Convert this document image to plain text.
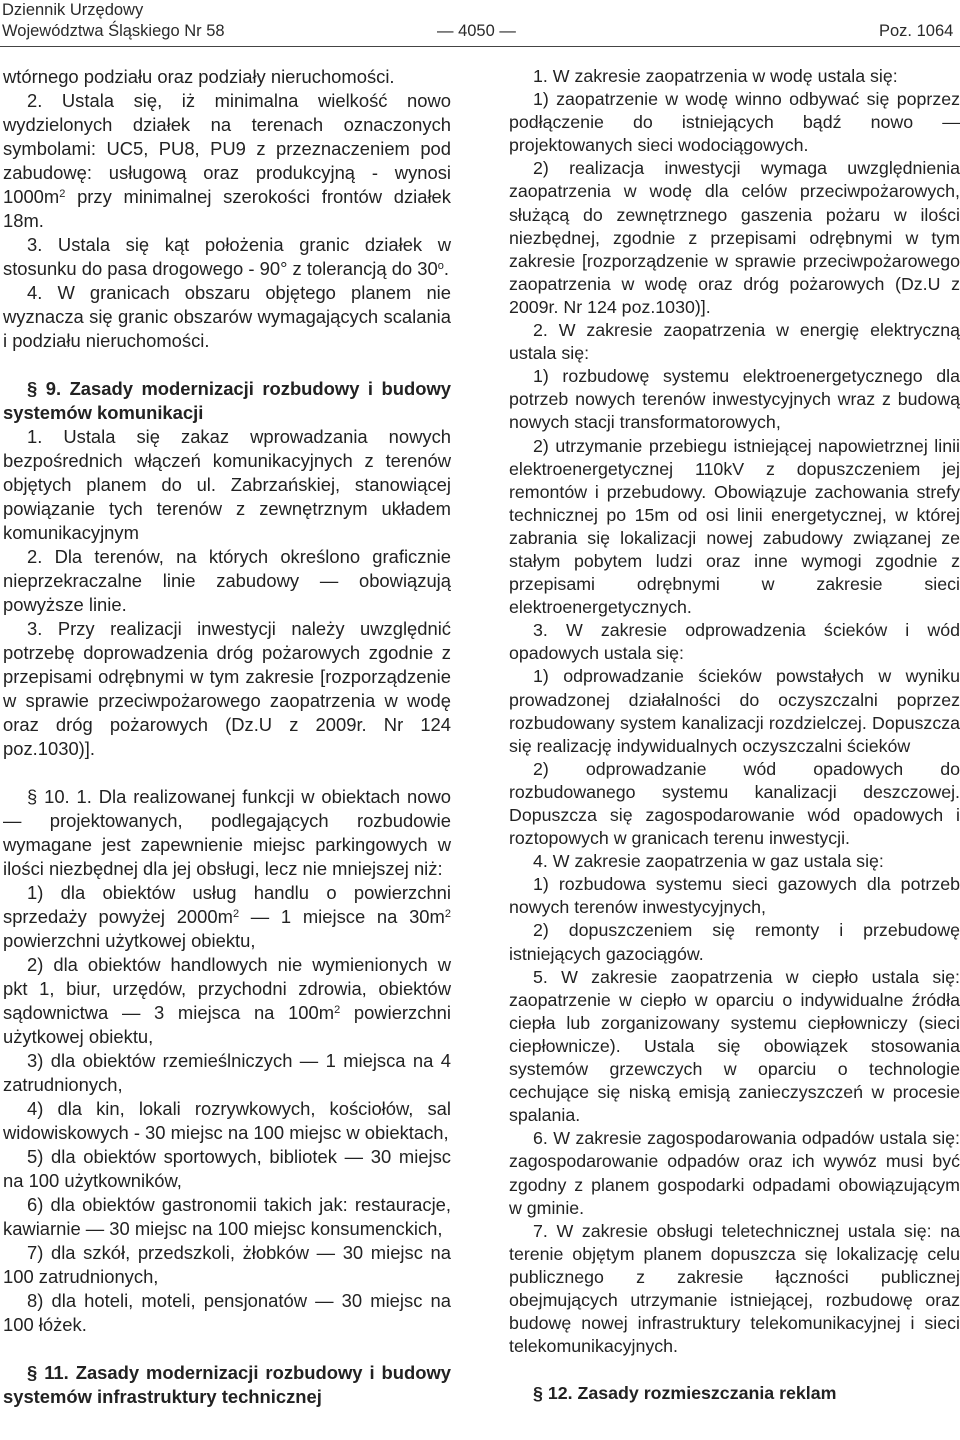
Dziennik Urzędowy
Województwa Śląskiego Nr 58	— 4050 —	Poz. 1064

wtórnego podziału oraz podziały nieruchomości.

2. Ustala się, iż minimalna wielkość nowo wydzielonych działek na terenach oznaczonych symbolami: UC5, PU8, PU9 z przeznaczeniem pod zabudowę: usługową oraz produkcyjną - wynosi $1000m^2$ przy minimalnej szerokości frontów działek 18m.

3. Ustala się kąt położenia granic działek w stosunku do pasa drogowego - 90° z tolerancją do 30$^o$.

4. W granicach obszaru objętego planem nie wyznacza się granic obszarów wymagających scalania i podziału nieruchomości.

§ 9. Zasady modernizacji rozbudowy i budowy systemów komunikacji

1. Ustala się zakaz wprowadzania nowych bezpośrednich włączeń komunikacyjnych z terenów objętych planem do ul. Zabrzańskiej, stanowiącej powiązanie tych terenów z zewnętrznym układem komunikacyjnym

2. Dla terenów, na których określono graficznie nieprzekraczalne linie zabudowy — obowiązują powyższe linie.

3. Przy realizacji inwestycji należy uwzględnić potrzebę doprowadzenia dróg pożarowych zgodnie z przepisami odrębnymi w tym zakresie [rozporządzenie w sprawie przeciwpożarowego zaopatrzenia w wodę oraz dróg pożarowych (Dz.U z 2009r. Nr 124 poz.1030)].

§ 10. 1. Dla realizowanej funkcji w obiektach nowo — projektowanych, podlegających rozbudowie wymagane jest zapewnienie miejsc parkingowych w ilości niezbędnej dla jej obsługi, lecz nie mniejszej niż:

1) dla obiektów usług handlu o powierzchni sprzedaży powyżej $2000m^2$ — 1 miejsce na $30m^2$ powierzchni użytkowej obiektu,

2) dla obiektów handlowych nie wymienionych w pkt 1, biur, urzędów, przychodni zdrowia, obiektów sądownictwa — 3 miejsca na $100m^2$ powierzchni użytkowej obiektu,

3) dla obiektów rzemieślniczych — 1 miejsca na 4 zatrudnionych,

4) dla kin, lokali rozrywkowych, kościołów, sal widowiskowych - 30 miejsc na 100 miejsc w obiektach,

5) dla obiektów sportowych, bibliotek — 30 miejsc na 100 użytkowników,

6) dla obiektów gastronomii takich jak: restauracje, kawiarnie — 30 miejsc na 100 miejsc konsumenckich,

7) dla szkół, przedszkoli, żłobków — 30 miejsc na 100 zatrudnionych,

8) dla hoteli, moteli, pensjonatów — 30 miejsc na 100 łóżek.

§ 11. Zasady modernizacji rozbudowy i budowy systemów infrastruktury technicznej

1. W zakresie zaopatrzenia w wodę ustala się:

1) zaopatrzenie w wodę winno odbywać się poprzez podłączenie do istniejących bądź nowo — projektowanych sieci wodociągowych.

2) realizacja inwestycji wymaga uwzględnienia zaopatrzenia w wodę dla celów przeciwpożarowych, służącą do zewnętrznego gaszenia pożaru w ilości niezbędnej, zgodnie z przepisami odrębnymi w tym zakresie [rozporządzenie w sprawie przeciwpożarowego zaopatrzenia w wodę oraz dróg pożarowych (Dz.U z 2009r. Nr 124 poz.1030)].

2. W zakresie zaopatrzenia w energię elektryczną ustala się:

1) rozbudowę systemu elektroenergetycznego dla potrzeb nowych terenów inwestycyjnych wraz z budową nowych stacji transformatorowych,

2) utrzymanie przebiegu istniejącej napowietrznej linii elektroenergetycznej 110kV z dopuszczeniem jej remontów i przebudowy. Obowiązuje zachowania strefy technicznej po 15m od osi linii energetycznej, w której zabrania się lokalizacji nowej zabudowy związanej ze stałym pobytem ludzi oraz inne wymogi zgodnie z przepisami odrębnymi w zakresie sieci elektroenergetycznych.

3. W zakresie odprowadzenia ścieków i wód opadowych ustala się:

1) odprowadzanie ścieków powstałych w wyniku prowadzonej działalności do oczyszczalni poprzez rozbudowany system kanalizacji rozdzielczej. Dopuszcza się realizację indywidualnych oczyszczalni ścieków

2) odprowadzanie wód opadowych do rozbudowanego systemu kanalizacji deszczowej. Dopuszcza się zagospodarowanie wód opadowych i roztopowych w granicach terenu inwestycji.

4. W zakresie zaopatrzenia w gaz ustala się:

1) rozbudowa systemu sieci gazowych dla potrzeb nowych terenów inwestycyjnych,

2) dopuszczeniem się remonty i przebudowę istniejących gazociągów.

5. W zakresie zaopatrzenia w ciepło ustala się: zaopatrzenie w ciepło w oparciu o indywidualne źródła ciepła lub zorganizowany systemu ciepłowniczy (sieci ciepłownicze). Ustala się obowiązek stosowania systemów grzewczych w oparciu o technologie cechujące się niską emisją zanieczyszczeń w procesie spalania.

6. W zakresie zagospodarowania odpadów ustala się: zagospodarowanie odpadów oraz ich wywóz musi być zgodny z planem gospodarki odpadami obowiązującym w gminie.

7. W zakresie obsługi teletechnicznej ustala się: na terenie objętym planem dopuszcza się lokalizację celu publicznego z zakresie łączności publicznej obejmujących utrzymanie istniejącej, rozbudowę oraz budowę nowej infrastruktury telekomunikacyjnej i sieci telekomunikacyjnych.

§ 12. Zasady rozmieszczania reklam
